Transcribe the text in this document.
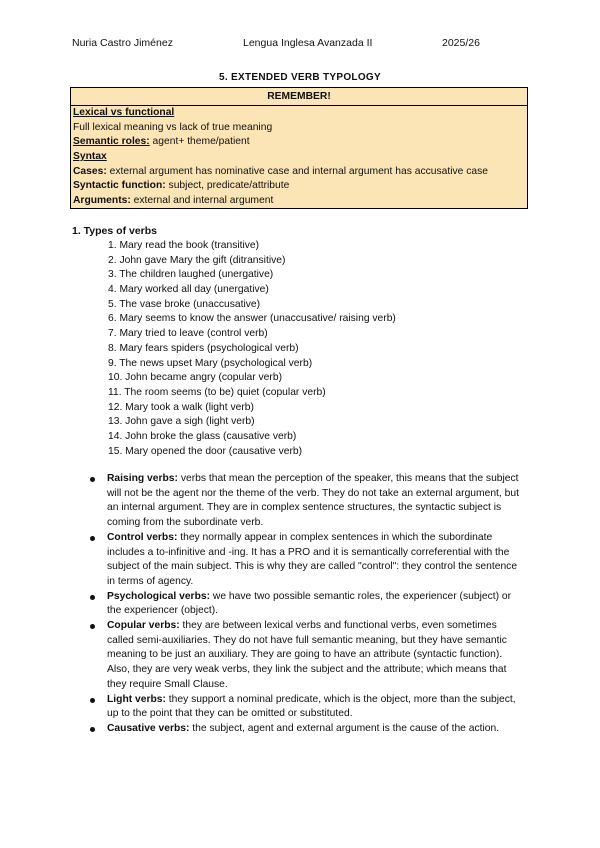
Nuria Castro Jiménez	Lengua Inglesa Avanzada II	2025/26
5. EXTENDED VERB TYPOLOGY
REMEMBER!
Lexical vs functional
Full lexical meaning vs lack of true meaning
Semantic roles: agent+ theme/patient
Syntax
Cases: external argument has nominative case and internal argument has accusative case
Syntactic function: subject, predicate/attribute
Arguments: external and internal argument
1. Types of verbs
1. Mary read the book (transitive)
2. John gave Mary the gift (ditransitive)
3. The children laughed (unergative)
4. Mary worked all day (unergative)
5. The vase broke (unaccusative)
6. Mary seems to know the answer (unaccusative/ raising verb)
7. Mary tried to leave (control verb)
8. Mary fears spiders (psychological verb)
9. The news upset Mary (psychological verb)
10. John became angry (copular verb)
11. The room seems (to be) quiet (copular verb)
12. Mary took a walk (light verb)
13. John gave a sigh (light verb)
14. John broke the glass (causative verb)
15. Mary opened the door (causative verb)
Raising verbs: verbs that mean the perception of the speaker, this means that the subject will not be the agent nor the theme of the verb. They do not take an external argument, but an internal argument. They are in complex sentence structures, the syntactic subject is coming from the subordinate verb.
Control verbs: they normally appear in complex sentences in which the subordinate includes a to-infinitive and -ing. It has a PRO and it is semantically correferential with the subject of the main subject. This is why they are called "control": they control the sentence in terms of agency.
Psychological verbs: we have two possible semantic roles, the experiencer (subject) or the experiencer (object).
Copular verbs: they are between lexical verbs and functional verbs, even sometimes called semi-auxiliaries. They do not have full semantic meaning, but they have semantic meaning to be just an auxiliary. They are going to have an attribute (syntactic function). Also, they are very weak verbs, they link the subject and the attribute; which means that they require Small Clause.
Light verbs: they support a nominal predicate, which is the object, more than the subject, up to the point that they can be omitted or substituted.
Causative verbs: the subject, agent and external argument is the cause of the action.
